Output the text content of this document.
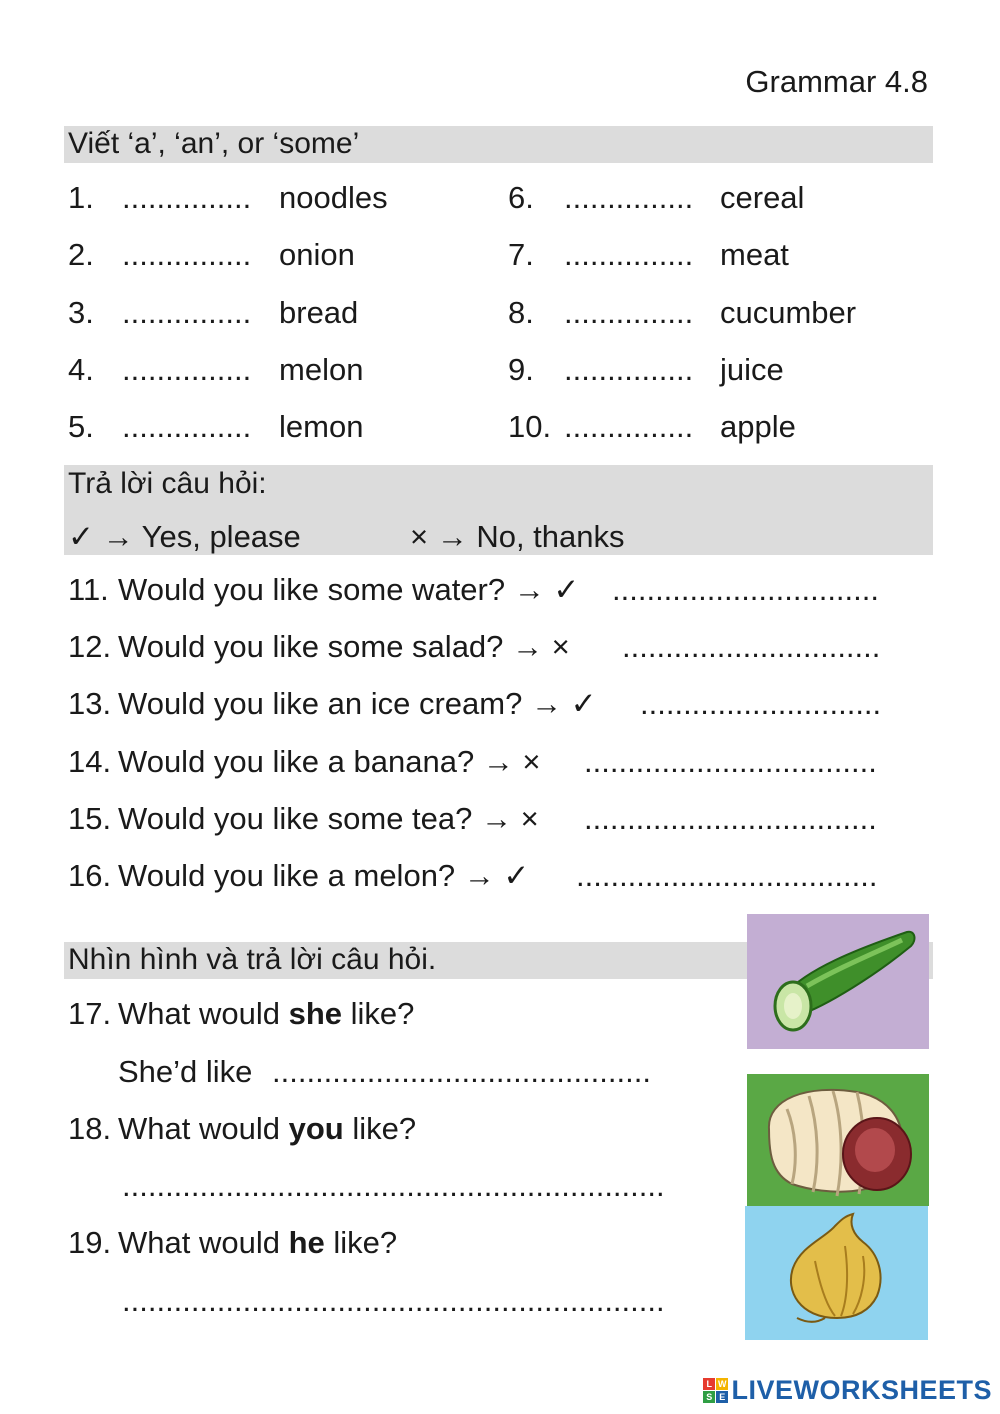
Grammar 4.8
Viết ‘a’, ‘an’, or ‘some’
1. ............... noodles
2. ............... onion
3. ............... bread
4. ............... melon
5. ............... lemon
6. ............... cereal
7. ............... meat
8. ............... cucumber
9. ............... juice
10. ............... apple
Trả lời câu hỏi:
✓ → Yes, please	× → No, thanks
11. Would you like some water? → ✓ ...............................
12. Would you like some salad? → × ..............................
13. Would you like an ice cream? → ✓ ............................
14. Would you like a banana? → × ..................................
15. Would you like some tea? → × ..................................
16. Would you like a melon? → ✓ ...................................
Nhìn hình và trả lời câu hỏi.
17. What would she like?
She’d like ............................................
18. What would you like?
...............................................................
19. What would he like?
...............................................................
L W
S E LIVEWORKSHEETS
